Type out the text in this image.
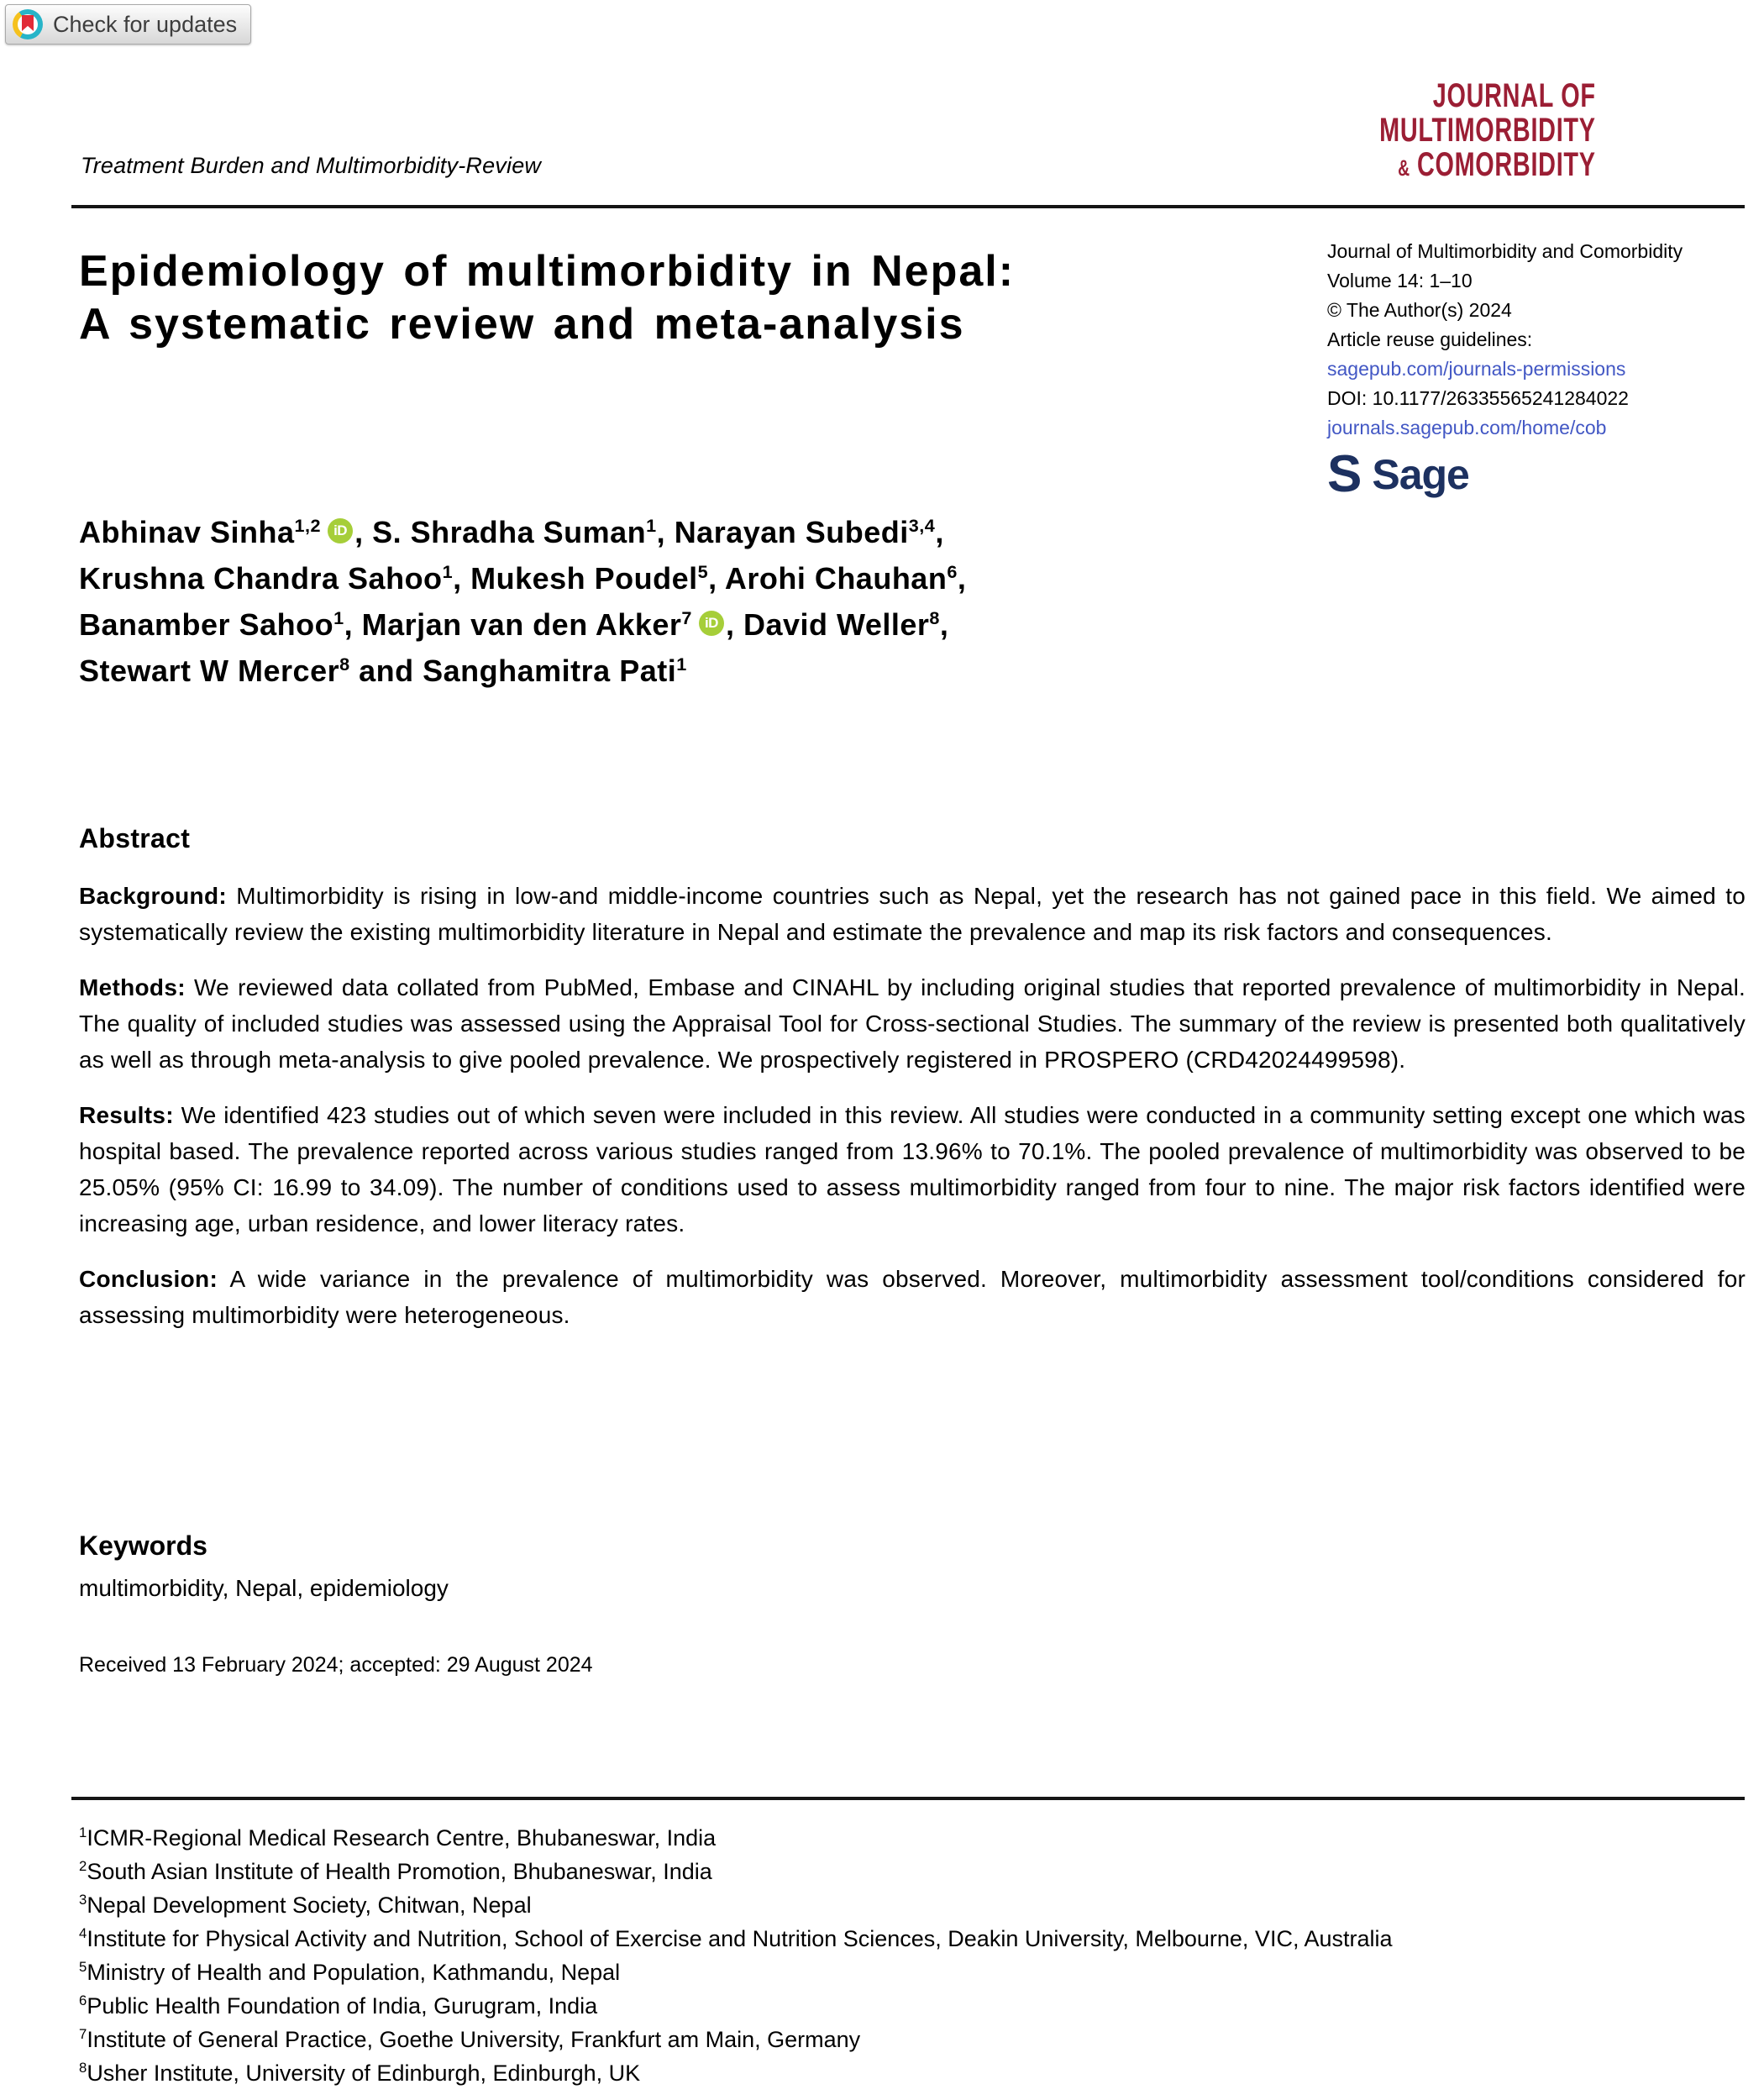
Check for updates
JOURNAL OF
MULTIMORBIDITY
& COMORBIDITY
Treatment Burden and Multimorbidity-Review
Epidemiology of multimorbidity in Nepal:
A systematic review and meta-analysis
Journal of Multimorbidity and Comorbidity
Volume 14: 1–10
© The Author(s) 2024
Article reuse guidelines:
sagepub.com/journals-permissions
DOI: 10.1177/26335565241284022
journals.sagepub.com/home/cob
S Sage
Abhinav Sinha$^{1,2}$ iD , S. Shradha Suman$^1$, Narayan Subedi$^{3,4}$,
Krushna Chandra Sahoo$^1$, Mukesh Poudel$^5$, Arohi Chauhan$^6$,
Banamber Sahoo$^1$, Marjan van den Akker$^7$ iD , David Weller$^8$,
Stewart W Mercer$^8$ and Sanghamitra Pati$^1$
Abstract

Background: Multimorbidity is rising in low-and middle-income countries such as Nepal, yet the research has not gained pace in this field. We aimed to systematically review the existing multimorbidity literature in Nepal and estimate the prevalence and map its risk factors and consequences.

Methods: We reviewed data collated from PubMed, Embase and CINAHL by including original studies that reported prevalence of multimorbidity in Nepal. The quality of included studies was assessed using the Appraisal Tool for Cross-sectional Studies. The summary of the review is presented both qualitatively as well as through meta-analysis to give pooled prevalence. We prospectively registered in PROSPERO (CRD42024499598).

Results: We identified 423 studies out of which seven were included in this review. All studies were conducted in a community setting except one which was hospital based. The prevalence reported across various studies ranged from 13.96% to 70.1%. The pooled prevalence of multimorbidity was observed to be 25.05% (95% CI: 16.99 to 34.09). The number of conditions used to assess multimorbidity ranged from four to nine. The major risk factors identified were increasing age, urban residence, and lower literacy rates.

Conclusion: A wide variance in the prevalence of multimorbidity was observed. Moreover, multimorbidity assessment tool/conditions considered for assessing multimorbidity were heterogeneous.

Keywords
multimorbidity, Nepal, epidemiology
Received 13 February 2024; accepted: 29 August 2024
$^1$ICMR-Regional Medical Research Centre, Bhubaneswar, India
$^2$South Asian Institute of Health Promotion, Bhubaneswar, India
$^3$Nepal Development Society, Chitwan, Nepal
$^4$Institute for Physical Activity and Nutrition, School of Exercise and Nutrition Sciences, Deakin University, Melbourne, VIC, Australia
$^5$Ministry of Health and Population, Kathmandu, Nepal
$^6$Public Health Foundation of India, Gurugram, India
$^7$Institute of General Practice, Goethe University, Frankfurt am Main, Germany
$^8$Usher Institute, University of Edinburgh, Edinburgh, UK
